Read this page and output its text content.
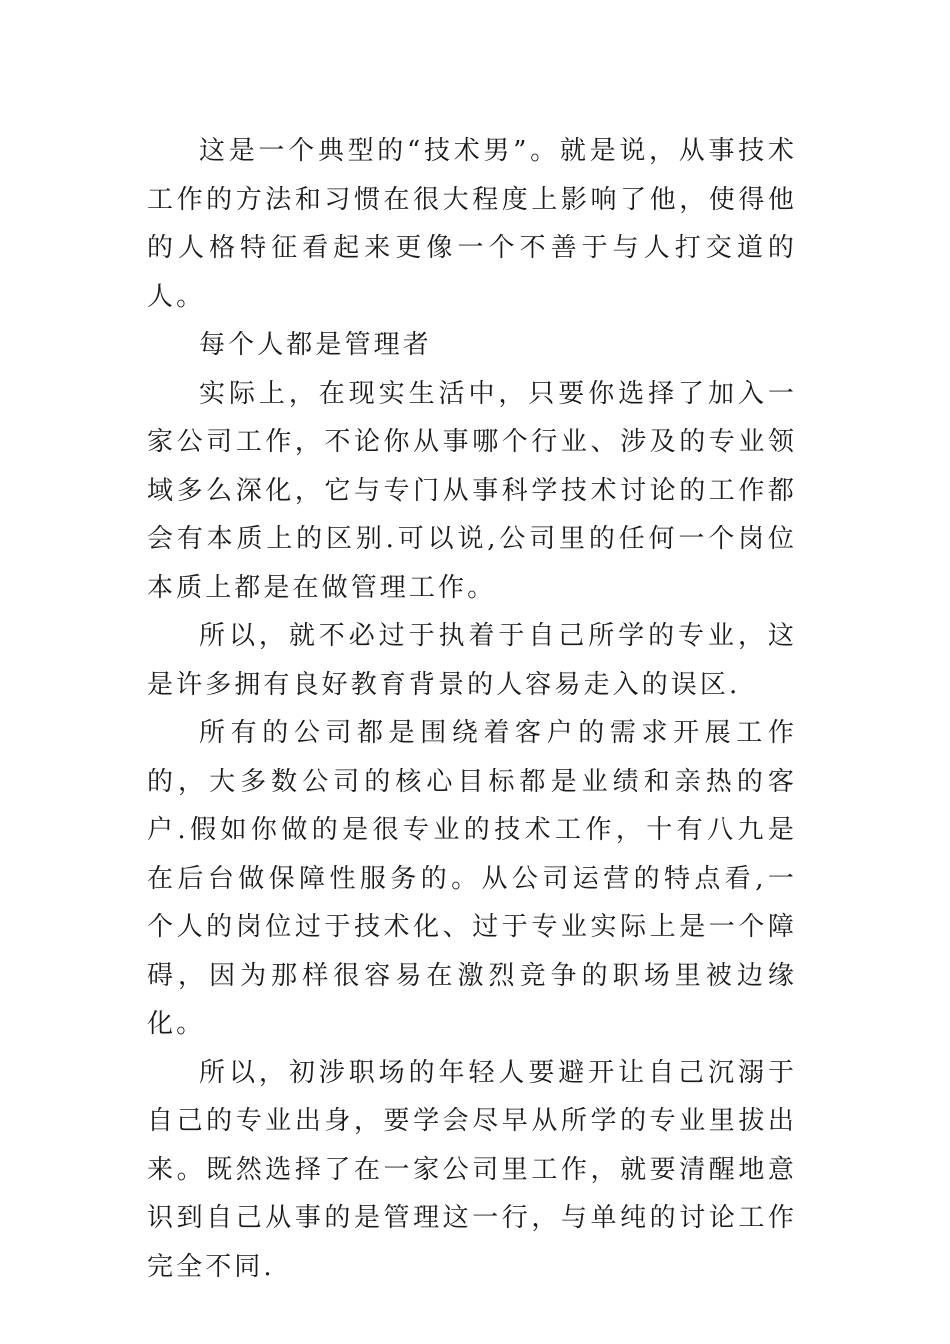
这是一个典型的“技术男”。就是说，从事技术工作的方法和习惯在很大程度上影响了他，使得他的人格特征看起来更像一个不善于与人打交道的人。

每个人都是管理者

实际上，在现实生活中，只要你选择了加入一家公司工作，不论你从事哪个行业、涉及的专业领域多么深化，它与专门从事科学技术讨论的工作都会有本质上的区别.可以说,公司里的任何一个岗位本质上都是在做管理工作。

所以，就不必过于执着于自己所学的专业，这是许多拥有良好教育背景的人容易走入的误区.

所有的公司都是围绕着客户的需求开展工作的，大多数公司的核心目标都是业绩和亲热的客户.假如你做的是很专业的技术工作，十有八九是在后台做保障性服务的。从公司运营的特点看,一个人的岗位过于技术化、过于专业实际上是一个障碍，因为那样很容易在激烈竞争的职场里被边缘化。

所以，初涉职场的年轻人要避开让自己沉溺于自己的专业出身，要学会尽早从所学的专业里拔出来。既然选择了在一家公司里工作，就要清醒地意识到自己从事的是管理这一行，与单纯的讨论工作完全不同.
